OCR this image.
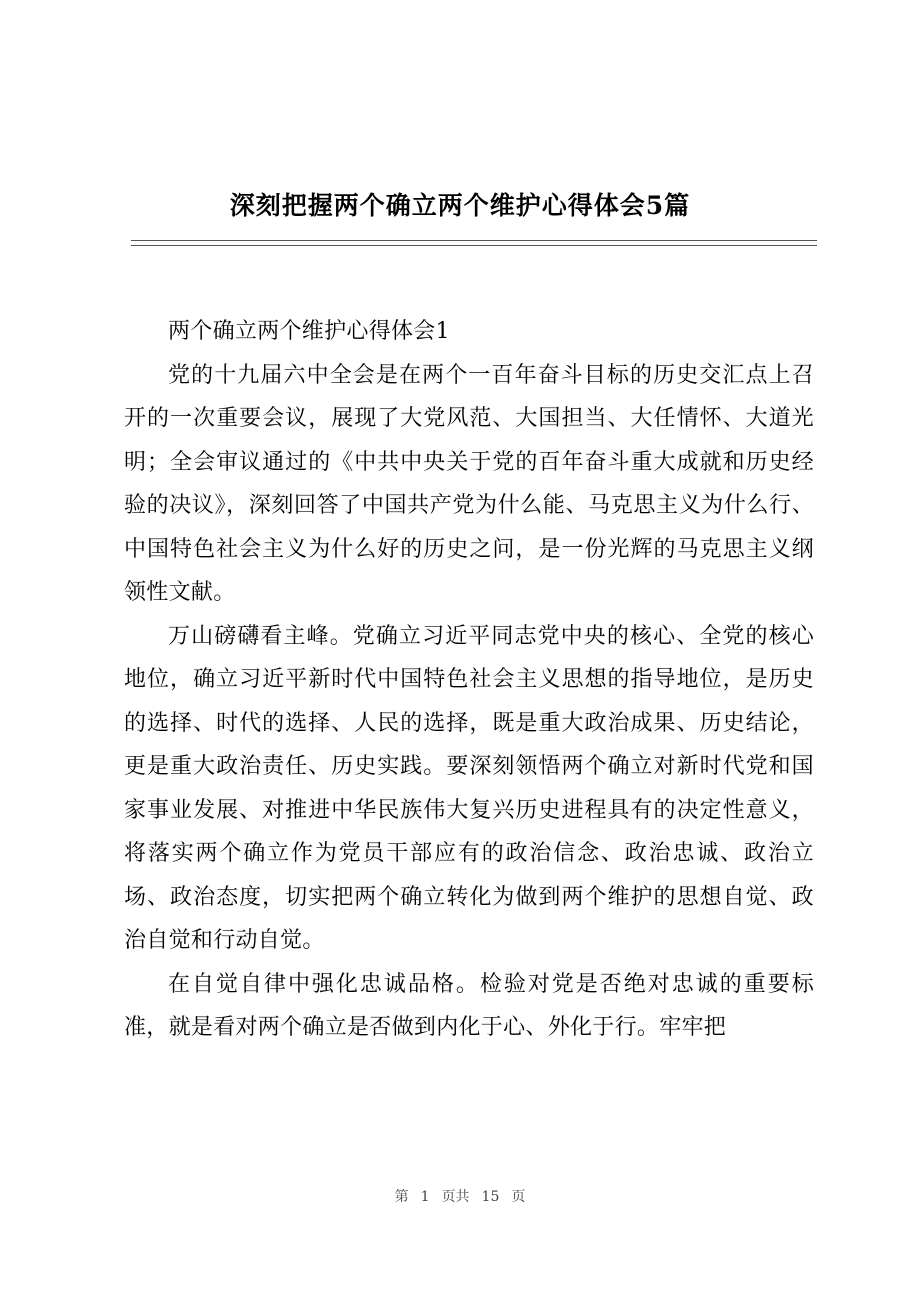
深刻把握两个确立两个维护心得体会5篇

两个确立两个维护心得体会1

党的十九届六中全会是在两个一百年奋斗目标的历史交汇点上召开的一次重要会议，展现了大党风范、大国担当、大任情怀、大道光明；全会审议通过的《中共中央关于党的百年奋斗重大成就和历史经验的决议》，深刻回答了中国共产党为什么能、马克思主义为什么行、中国特色社会主义为什么好的历史之问，是一份光辉的马克思主义纲领性文献。

万山磅礴看主峰。党确立习近平同志党中央的核心、全党的核心地位，确立习近平新时代中国特色社会主义思想的指导地位，是历史的选择、时代的选择、人民的选择，既是重大政治成果、历史结论，更是重大政治责任、历史实践。要深刻领悟两个确立对新时代党和国家事业发展、对推进中华民族伟大复兴历史进程具有的决定性意义，将落实两个确立作为党员干部应有的政治信念、政治忠诚、政治立场、政治态度，切实把两个确立转化为做到两个维护的思想自觉、政治自觉和行动自觉。

在自觉自律中强化忠诚品格。检验对党是否绝对忠诚的重要标准，就是看对两个确立是否做到内化于心、外化于行。牢牢把

第 1 页共 15 页
